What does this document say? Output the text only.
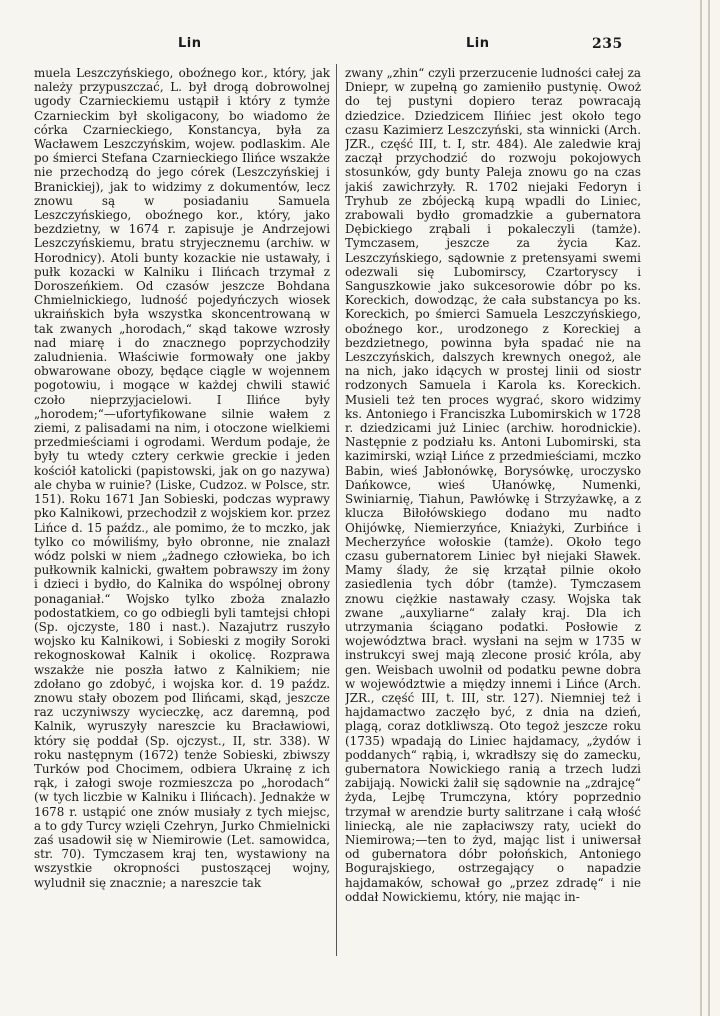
Lin	Lin	235

muela Leszczyńskiego, oboźnego kor., który, jak należy przypuszczać, L. był drogą dobrowolnej ugody Czarnieckiemu ustąpił i który z tymże Czarnieckim był skoligacony, bo wiadomo że córka Czarnieckiego, Konstancya, była za Wacławem Leszczyńskim, wojew. podlaskim. Ale po śmierci Stefana Czarnieckiego Ilińce wszakże nie przechodzą do jego córek (Leszczyńskiej i Branickiej), jak to widzimy z dokumentów, lecz znowu są w posiadaniu Samuela Leszczyńskiego, oboźnego kor., który, jako bezdzietny, w 1674 r. zapisuje je Andrzejowi Leszczyńskiemu, bratu stryjecznemu (archiw. w Horodnicy). Atoli bunty kozackie nie ustawały, i pułk kozacki w Kalniku i Ilińcach trzymał z Doroszeńkiem. Od czasów jeszcze Bohdana Chmielnickiego, ludność pojedyńczych wiosek ukraińskich była wszystka skoncentrowaną w tak zwanych „horodach,“ skąd takowe wzrosły nad miarę i do znacznego poprzychodziły zaludnienia. Właściwie formowały one jakby obwarowane obozy, będące ciągle w wojennem pogotowiu, i mogące w każdej chwili stawić czoło nieprzyjacielowi. I Ilińce były „horodem;“—ufortyfikowane silnie wałem z ziemi, z palisadami na nim, i otoczone wielkiemi przedmieściami i ogrodami. Werdum podaje, że były tu wtedy cztery cerkwie greckie i jeden kościół katolicki (papistowski, jak on go nazywa) ale chyba w ruinie? (Liske, Cudzoz. w Polsce, str. 151). Roku 1671 Jan Sobieski, podczas wyprawy pko Kalnikowi, przechodził z wojskiem kor. przez Lińce d. 15 paźdz., ale pomimo, że to mczko, jak tylko co mówiliśmy, było obronne, nie znalazł wódz polski w niem „żadnego człowieka, bo ich pułkownik kalnicki, gwałtem pobrawszy im żony i dzieci i bydło, do Kalnika do wspólnej obrony ponaganiał.“ Wojsko tylko zboża znalazło podostatkiem, co go odbiegli byli tamtejsi chłopi (Sp. ojczyste, 180 i nast.). Nazajutrz ruszyło wojsko ku Kalnikowi, i Sobieski z mogiły Soroki rekognoskował Kalnik i okolicę. Rozprawa wszakże nie poszła łatwo z Kalnikiem; nie zdołano go zdobyć, i wojska kor. d. 19 paźdz. znowu stały obozem pod Ilińcami, skąd, jeszcze raz uczyniwszy wycieczkę, acz daremną, pod Kalnik, wyruszyły nareszcie ku Bracławiowi, który się poddał (Sp. ojczyst., II, str. 338). W roku następnym (1672) tenże Sobieski, zbiwszy Turków pod Chocimem, odbiera Ukrainę z ich rąk, i załogi swoje rozmieszcza po „horodach“ (w tych liczbie w Kalniku i Ilińcach). Jednakże w 1678 r. ustąpić one znów musiały z tych miejsc, a to gdy Turcy wzięli Czehryn, Jurko Chmielnicki zaś usadowił się w Niemirowie (Let. samowidca, str. 70). Tymczasem kraj ten, wystawiony na wszystkie okropności pustoszącej wojny, wyludnił się znacznie; a nareszcie tak

zwany „zhin“ czyli przerzucenie ludności całej za Dniepr, w zupełną go zamieniło pustynię. Owoż do tej pustyni dopiero teraz powracają dziedzice. Dziedzicem Ilińiec jest około tego czasu Kazimierz Leszczyński, sta winnicki (Arch. JZR., część III, t. I, str. 484). Ale zaledwie kraj zaczął przychodzić do rozwoju pokojowych stosunków, gdy bunty Paleja znowu go na czas jakiś zawichrzyły. R. 1702 niejaki Fedoryn i Tryhub ze zbójecką kupą wpadli do Liniec, zrabowali bydło gromadzkie a gubernatora Dębickiego zrąbali i pokaleczyli (tamże). Tymczasem, jeszcze za życia Kaz. Leszczyńskiego, sądownie z pretensyami swemi odezwali się Lubomirscy, Czartoryscy i Sanguszkowie jako sukcesorowie dóbr po ks. Koreckich, dowodząc, że cała substancya po ks. Koreckich, po śmierci Samuela Leszczyńskiego, oboźnego kor., urodzonego z Koreckiej a bezdzietnego, powinna była spadać nie na Leszczyńskich, dalszych krewnych onegoż, ale na nich, jako idących w prostej linii od siostr rodzonych Samuela i Karola ks. Koreckich. Musieli też ten proces wygrać, skoro widzimy ks. Antoniego i Franciszka Lubomirskich w 1728 r. dziedzicami już Liniec (archiw. horodnickie). Następnie z podziału ks. Antoni Lubomirski, sta kazimirski, wziął Lińce z przedmieściami, mczko Babin, wieś Jabłonówkę, Borysówkę, uroczysko Dańkowce, wieś Ułanówkę, Numenki, Swiniarnię, Tiahun, Pawłówkę i Strzyżawkę, a z klucza Biłołówskiego dodano mu nadto Ohijówkę, Niemierzyńce, Kniażyki, Zurbińce i Mecherzyńce wołoskie (tamże). Około tego czasu gubernatorem Liniec był niejaki Sławek. Mamy ślady, że się krzątał pilnie około zasiedlenia tych dóbr (tamże). Tymczasem znowu ciężkie nastawały czasy. Wojska tak zwane „auxyliarne“ zalały kraj. Dla ich utrzymania ściągano podatki. Posłowie z województwa bracł. wysłani na sejm w 1735 w instrukcyi swej mają zlecone prosić króla, aby gen. Weisbach uwolnił od podatku pewne dobra w województwie a między innemi i Lińce (Arch. JZR., część III, t. III, str. 127). Niemniej też i hajdamactwo zaczęło być, z dnia na dzień, plagą, coraz dotkliwszą. Oto tegoż jeszcze roku (1735) wpadają do Liniec hajdamacy, „żydów i poddanych“ rąbią, i, wkradłszy się do zamecku, gubernatora Nowickiego ranią a trzech ludzi zabijają. Nowicki żalił się sądownie na „zdrajcę“ żyda, Lejbę Trumczyna, który poprzednio trzymał w arendzie burty salitrzane i całą włość liniecką, ale nie zapłaciwszy raty, uciekł do Niemirowa;—ten to żyd, mając list i uniwersał od gubernatora dóbr połońskich, Antoniego Bogurajskiego, ostrzegający o napadzie hajdamaków, schował go „przez zdradę“ i nie oddał Nowickiemu, który, nie mając in-
